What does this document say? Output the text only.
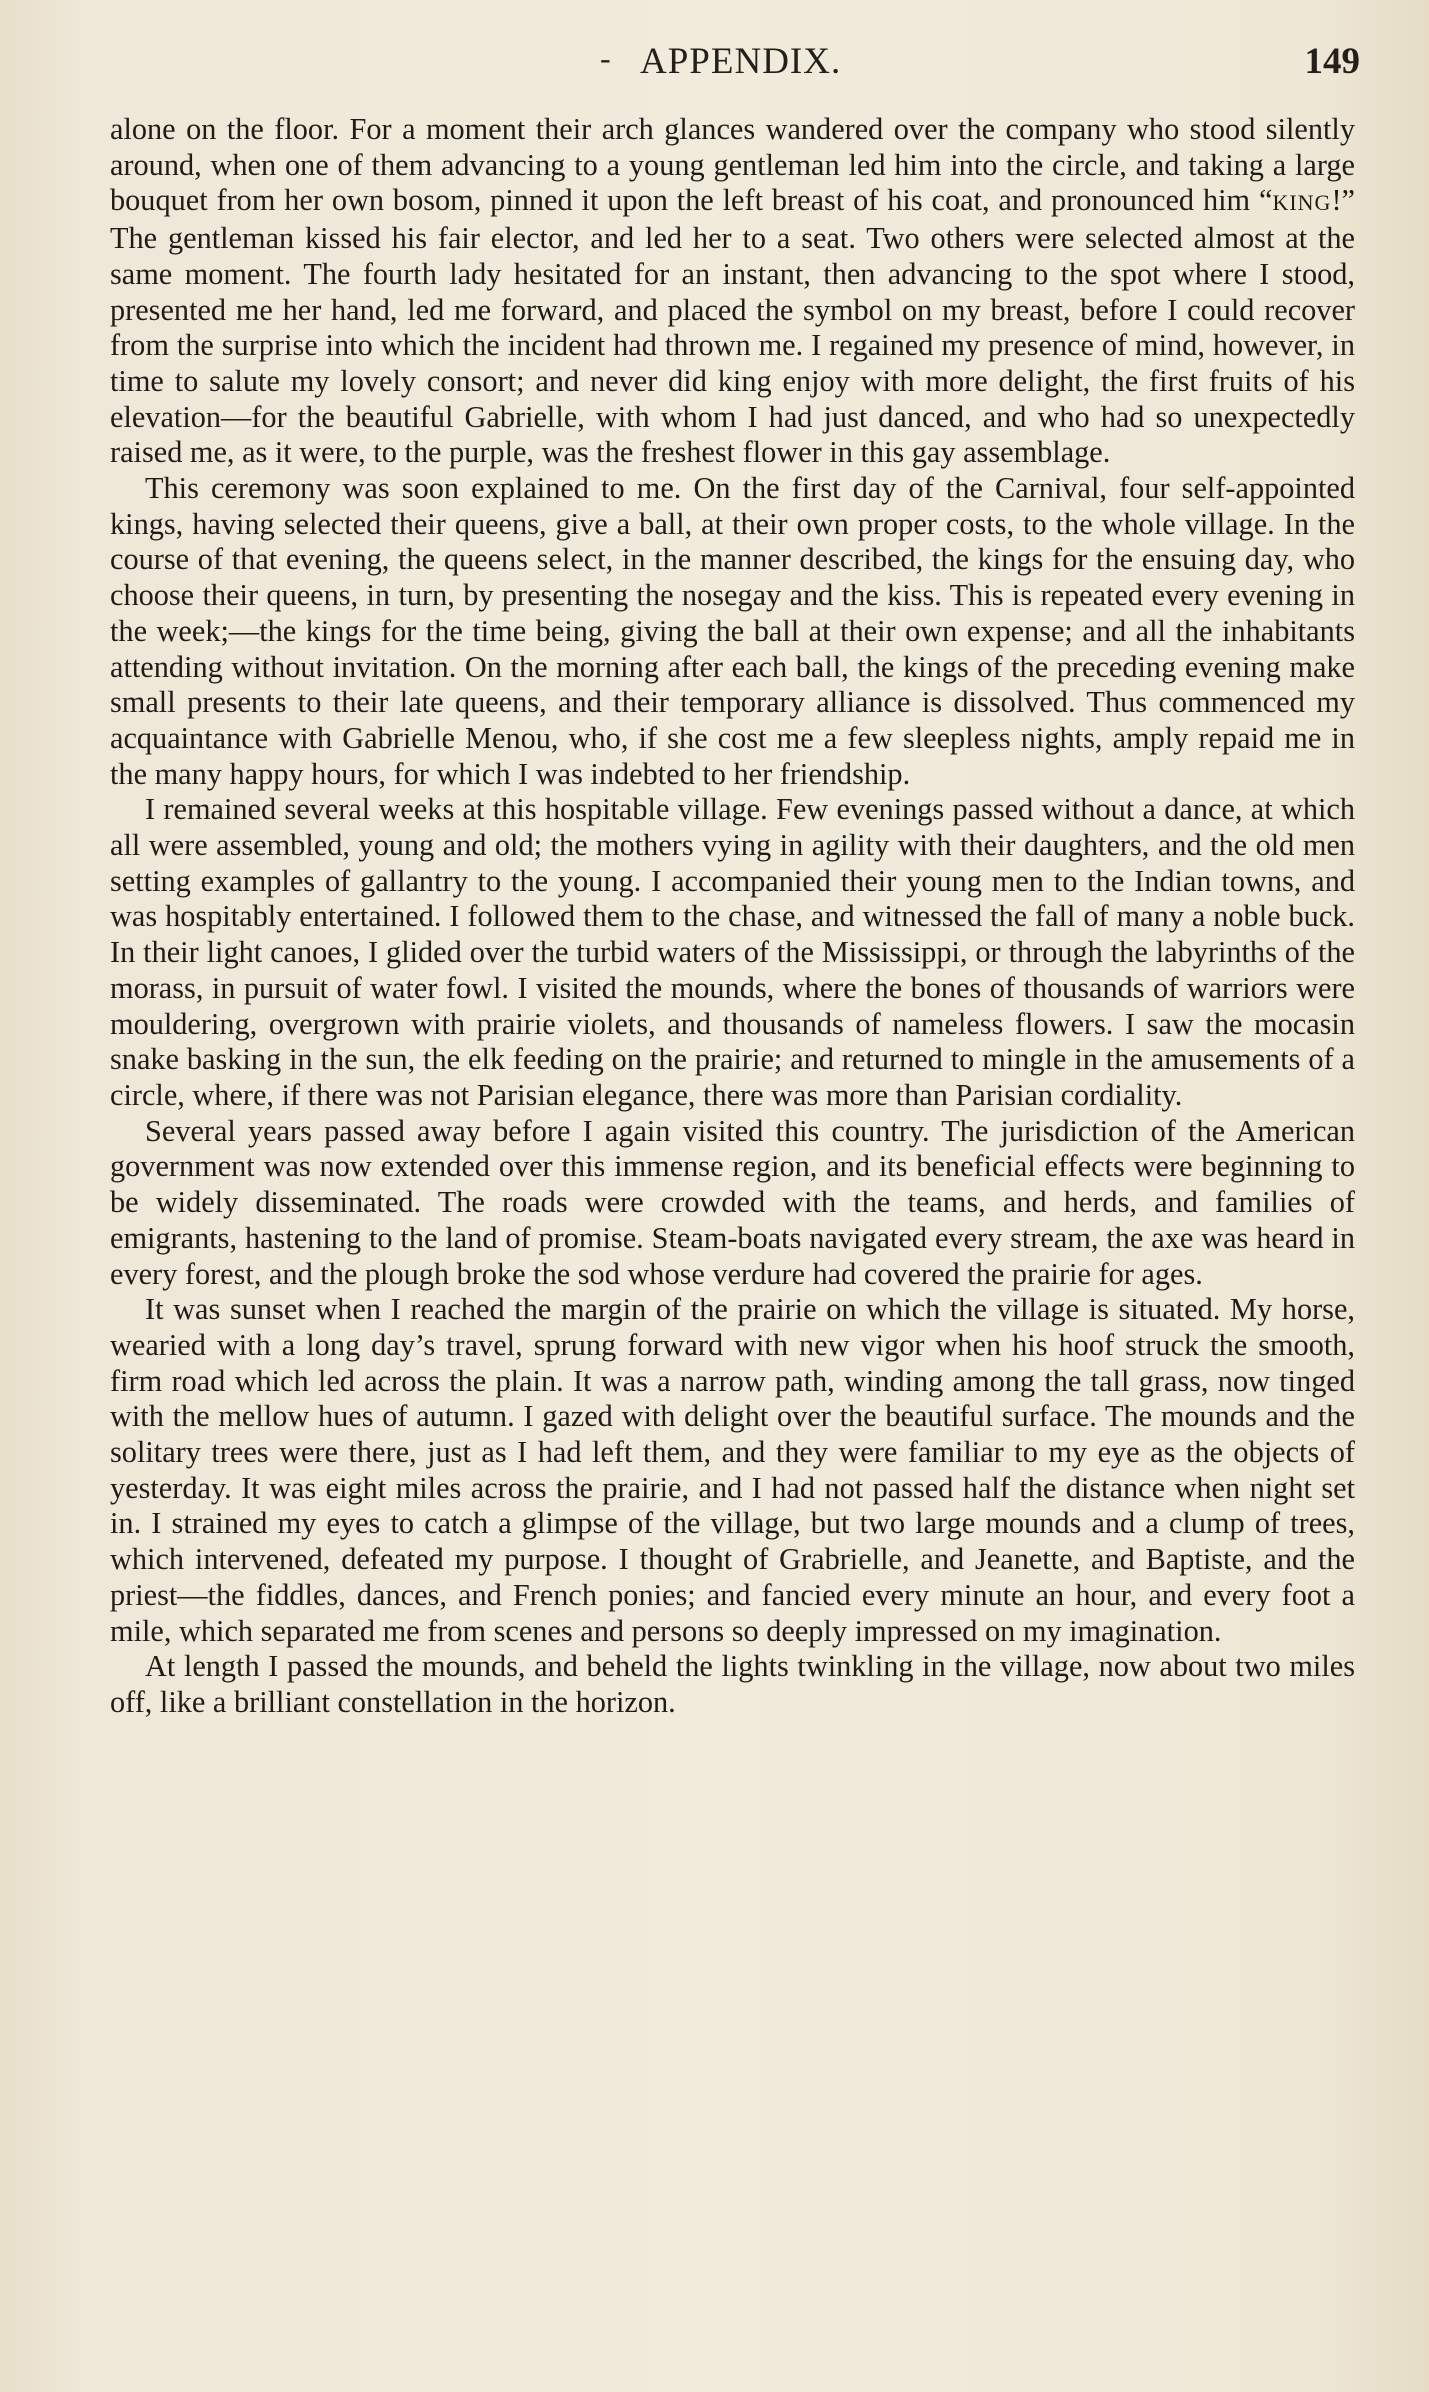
- APPENDIX.	149

alone on the floor. For a moment their arch glances wandered over the company who stood silently around, when one of them advancing to a young gentleman led him into the circle, and taking a large bouquet from her own bosom, pinned it upon the left breast of his coat, and pronounced him “KING!” The gentleman kissed his fair elector, and led her to a seat. Two others were selected almost at the same moment. The fourth lady hesitated for an instant, then advancing to the spot where I stood, presented me her hand, led me forward, and placed the symbol on my breast, before I could recover from the surprise into which the incident had thrown me. I regained my presence of mind, however, in time to salute my lovely consort; and never did king enjoy with more delight, the first fruits of his elevation—for the beautiful Gabrielle, with whom I had just danced, and who had so unexpectedly raised me, as it were, to the purple, was the freshest flower in this gay assemblage.

This ceremony was soon explained to me. On the first day of the Carnival, four self-appointed kings, having selected their queens, give a ball, at their own proper costs, to the whole village. In the course of that evening, the queens select, in the manner described, the kings for the ensuing day, who choose their queens, in turn, by presenting the nosegay and the kiss. This is repeated every evening in the week;—the kings for the time being, giving the ball at their own expense; and all the inhabitants attending without invitation. On the morning after each ball, the kings of the preceding evening make small presents to their late queens, and their temporary alliance is dissolved. Thus commenced my acquaintance with Gabrielle Menou, who, if she cost me a few sleepless nights, amply repaid me in the many happy hours, for which I was indebted to her friendship.

I remained several weeks at this hospitable village. Few evenings passed without a dance, at which all were assembled, young and old; the mothers vying in agility with their daughters, and the old men setting examples of gallantry to the young. I accompanied their young men to the Indian towns, and was hospitably entertained. I followed them to the chase, and witnessed the fall of many a noble buck. In their light canoes, I glided over the turbid waters of the Mississippi, or through the labyrinths of the morass, in pursuit of water fowl. I visited the mounds, where the bones of thousands of warriors were mouldering, overgrown with prairie violets, and thousands of nameless flowers. I saw the mocasin snake basking in the sun, the elk feeding on the prairie; and returned to mingle in the amusements of a circle, where, if there was not Parisian elegance, there was more than Parisian cordiality.

Several years passed away before I again visited this country. The jurisdiction of the American government was now extended over this immense region, and its beneficial effects were beginning to be widely disseminated. The roads were crowded with the teams, and herds, and families of emigrants, hastening to the land of promise. Steam-boats navigated every stream, the axe was heard in every forest, and the plough broke the sod whose verdure had covered the prairie for ages.

It was sunset when I reached the margin of the prairie on which the village is situated. My horse, wearied with a long day’s travel, sprung forward with new vigor when his hoof struck the smooth, firm road which led across the plain. It was a narrow path, winding among the tall grass, now tinged with the mellow hues of autumn. I gazed with delight over the beautiful surface. The mounds and the solitary trees were there, just as I had left them, and they were familiar to my eye as the objects of yesterday. It was eight miles across the prairie, and I had not passed half the distance when night set in. I strained my eyes to catch a glimpse of the village, but two large mounds and a clump of trees, which intervened, defeated my purpose. I thought of Grabrielle, and Jeanette, and Baptiste, and the priest—the fiddles, dances, and French ponies; and fancied every minute an hour, and every foot a mile, which separated me from scenes and persons so deeply impressed on my imagination.

At length I passed the mounds, and beheld the lights twinkling in the village, now about two miles off, like a brilliant constellation in the horizon.
